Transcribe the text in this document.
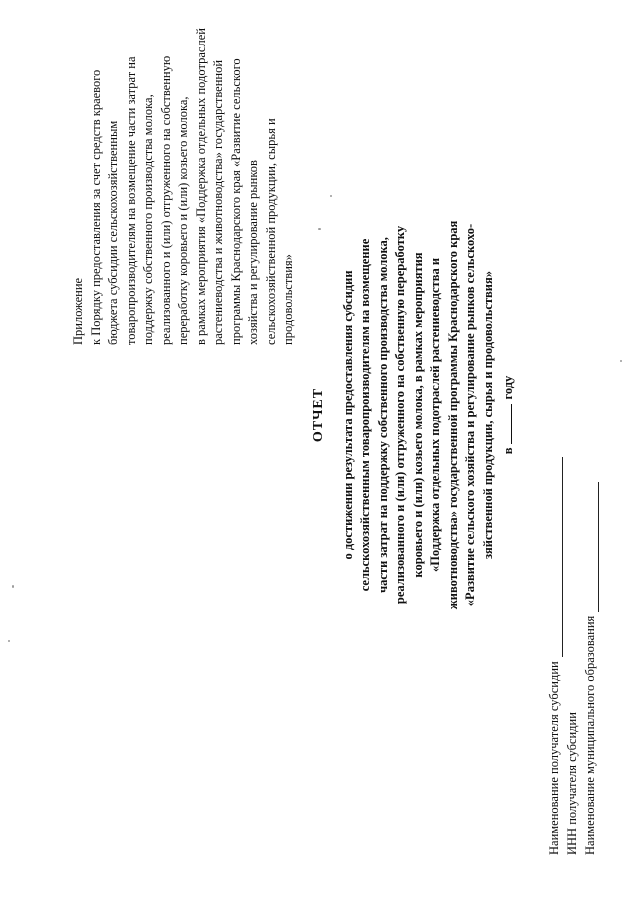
Приложение к Порядку предоставления за счет средств краевого бюджета субсидии сельскохозяйственным товаропроизводителям на возмещение части затрат на поддержку собственного производства молока, реализованного и (или) отгруженного на собственную переработку коровьего и (или) козьего молока, в рамках мероприятия «Поддержка отдельных подотраслей растениеводства и животноводства» государственной программы Краснодарского края «Развитие сельского хозяйства и регулирование рынков сельскохозяйственной продукции, сырья и продовольствия»
ОТЧЕТ о достижении результата предоставления субсидии сельскохозяйственным товаропроизводителям на возмещение части затрат на поддержку собственного производства молока, реализованного и (или) отгруженного на собственную переработку коровьего и (или) козьего молока, в рамках мероприятия «Поддержка отдельных подотраслей растениеводства и животноводства» государственной программы Краснодарского края «Развитие сельского хозяйства и регулирование рынков сельскохо- зяйственной продукции, сырья и продовольствия» вгоду
Наименование получателя субсидии ИНН получателя субсидии Наименование муниципального образования
